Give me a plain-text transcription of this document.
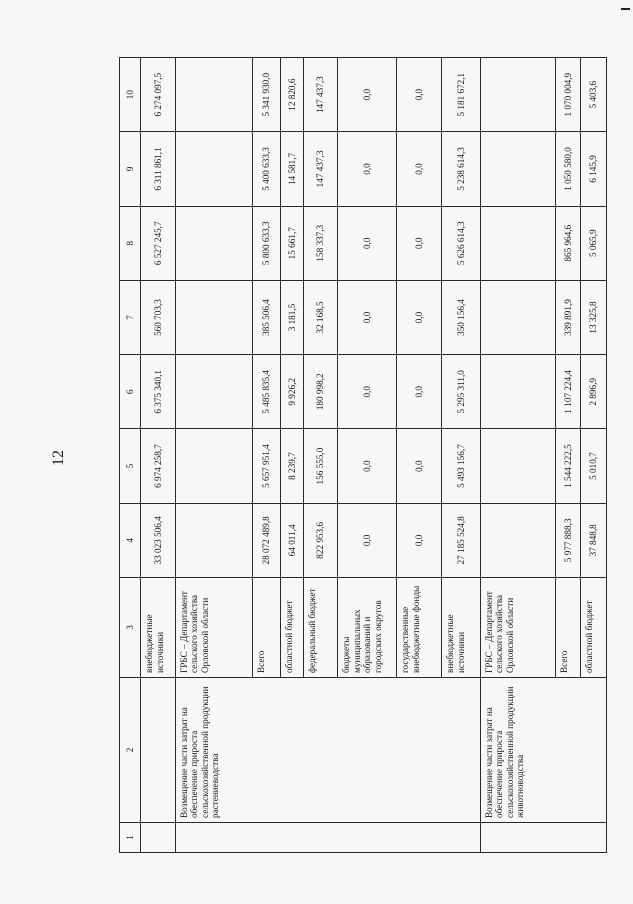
12
1	2	3	4	5	6	7	8	9	10
		внебюджетные источники	33 023 506,4	6 974 258,7	6 375 340,1	560 703,3	6 527 245,7	6 311 861,1	6 274 097,5
	Возмещение части затрат на обеспечение прироста сельскохозяйственной продукции растениеводства	ГРБС – Департамент сельского хозяйства Орловской области							
		Всего	28 072 489,8	5 657 951,4	5 485 835,4	385 506,4	5 800 633,3	5 400 633,3	5 341 930,0
		областной бюджет	64 011,4	8 239,7	9 926,2	3 181,5	15 661,7	14 581,7	12 820,6
		федеральный бюджет	822 953,6	156 555,0	180 998,2	32 168,5	158 337,3	147 437,3	147 437,3
		бюджеты муниципальных образований и городских округов	0,0	0,0	0,0	0,0	0,0	0,0	0,0
		государственные внебюджетные фонды	0,0	0,0	0,0	0,0	0,0	0,0	0,0
		внебюджетные источники	27 185 524,8	5 493 156,7	5 295 311,0	350 156,4	5 626 614,3	5 238 614,3	5 181 672,1
	Возмещение части затрат на обеспечение прироста сельскохозяйственной продукции животноводства	ГРБС – Департамент сельского хозяйства Орловской области							
		Всего	5 977 888,3	1 544 222,5	1 107 224,4	339 891,9	865 964,6	1 050 580,0	1 070 004,9
		областной бюджет	37 848,8	5 010,7	2 896,9	13 325,8	5 065,9	6 145,9	5 403,6
